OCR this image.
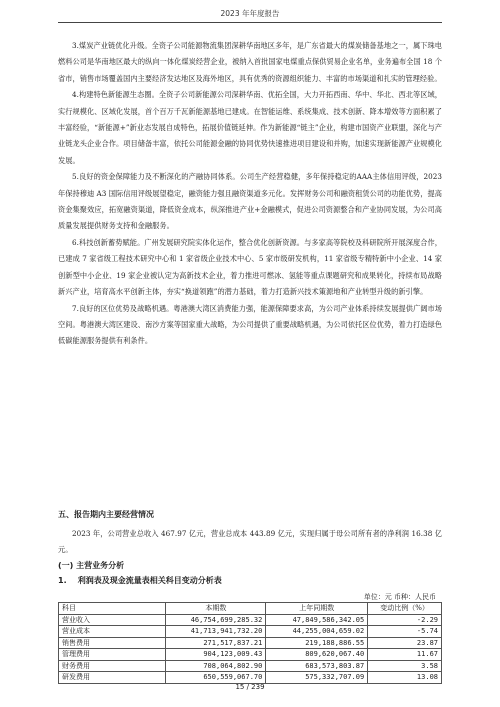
2023 年年度报告

3.煤炭产业链优化升级。全资子公司能源物流集团深耕华南地区多年，是广东省最大的煤炭储备基地之一，属下珠电燃料公司是华南地区最大的纵向一体化煤炭经营企业，被纳入首批国家电煤重点保供贸易企业名单，业务遍布全国 18 个省市，销售市场覆盖国内主要经济发达地区及海外地区，具有优秀的资源组织能力、丰富的市场渠道和扎实的管理经验。

4.构建特色新能源生态圈。全资子公司新能源公司深耕华南、优拓全国，大力开拓西南、华中、华北、西北等区域，实行规模化、区域化发展，首个百万千瓦新能源基地已建成。在智能运维、系统集成、技术创新、降本增效等方面积累了丰富经验，“新能源+”新业态发展自成特色，拓展价值链延伸。作为新能源“链主”企业，构建市国资产业联盟，深化与产业链龙头企业合作。项目储备丰富，依托公司能源金融的协同优势快速推进项目建设和并购，加速实现新能源产业规模化发展。

5.良好的资金保障能力及不断深化的产融协同体系。公司生产经营稳健，多年保持稳定的AAA主体信用评级，2023 年保持穆迪 A3 国际信用评级展望稳定，融资能力强且融资渠道多元化。发挥财务公司和融资租赁公司的功能优势，提高资金集聚效应，拓宽融资渠道，降低资金成本，纵深推进产业+金融模式，促进公司资源整合和产业协同发展，为公司高质量发展提供财务支持和金融服务。

6.科技创新蓄势赋能。广州发展研究院实体化运作，整合优化创新资源。与多家高等院校及科研院所开展深度合作，已建成 7 家省级工程技术研究中心和 1 家省级企业技术中心、5 家市级研发机构，11 家省级专精特新中小企业、14 家创新型中小企业、19 家企业被认定为高新技术企业，着力推进可燃冰、氢能等重点课题研究和成果转化，持续布局战略新兴产业，培育高水平创新主体，夯实“换道领跑”的潜力基础，着力打造新兴技术策源地和产业转型升级的新引擎。

7.良好的区位优势及战略机遇。粤港澳大湾区消费能力强，能源保障要求高，为公司产业体系持续发展提供广阔市场空间。粤港澳大湾区建设、南沙方案等国家重大战略，为公司提供了重要战略机遇，为公司依托区位优势，着力打造绿色低碳能源服务提供有利条件。

五、报告期内主要经营情况

2023 年，公司营业总收入 467.97 亿元，营业总成本 443.89 亿元，实现归属于母公司所有者的净利润 16.38 亿元。

(一) 主营业务分析
1. 利润表及现金流量表相关科目变动分析表
单位：元 币种：人民币
科目	本期数	上年同期数	变动比例（%）
营业收入	46,754,699,285.32	47,849,586,342.05	-2.29
营业成本	41,713,941,732.20	44,255,004,659.02	-5.74
销售费用	271,517,837.21	219,188,886.55	23.87
管理费用	904,123,009.43	809,620,067.40	11.67
财务费用	708,064,802.90	683,573,803.87	3.58
研发费用	650,559,067.70	575,332,707.09	13.08
15 / 239
